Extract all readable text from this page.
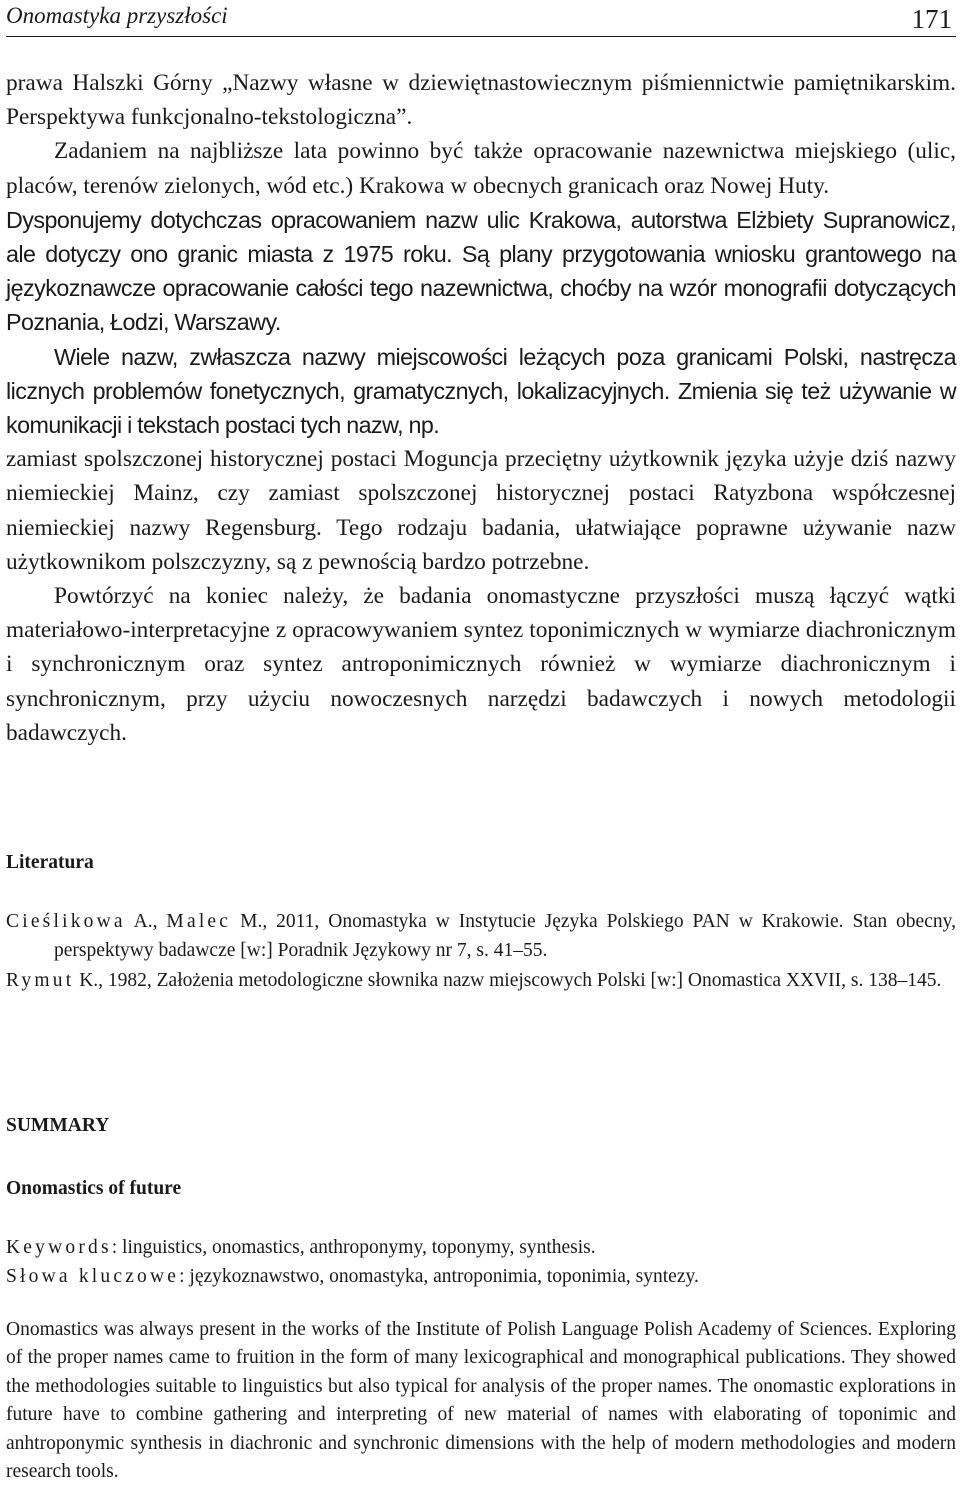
Onomastyka przyszłości	171

prawa Halszki Górny „Nazwy własne w dziewiętnastowiecznym piśmiennictwie pamiętnikarskim. Perspektywa funkcjonalno-tekstologiczna”.

Zadaniem na najbliższe lata powinno być także opracowanie nazewnictwa miejskiego (ulic, placów, terenów zielonych, wód etc.) Krakowa w obecnych granicach oraz Nowej Huty.

Dysponujemy dotychczas opracowaniem nazw ulic Krakowa, autorstwa Elżbiety Supranowicz, ale dotyczy ono granic miasta z 1975 roku. Są plany przygotowania wniosku grantowego na językoznawcze opracowanie całości tego nazewnictwa, choćby na wzór monografii dotyczących Poznania, Łodzi, Warszawy.

Wiele nazw, zwłaszcza nazwy miejscowości leżących poza granicami Polski, nastręcza licznych problemów fonetycznych, gramatycznych, lokalizacyjnych. Zmienia się też używanie w komunikacji i tekstach postaci tych nazw, np.

zamiast spolszczonej historycznej postaci Moguncja przeciętny użytkownik języka użyje dziś nazwy niemieckiej Mainz, czy zamiast spolszczonej historycznej postaci Ratyzbona współczesnej niemieckiej nazwy Regensburg. Tego rodzaju badania, ułatwiające poprawne używanie nazw użytkownikom polszczyzny, są z pewnością bardzo potrzebne.

Powtórzyć na koniec należy, że badania onomastyczne przyszłości muszą łączyć wątki materiałowo-interpretacyjne z opracowywaniem syntez toponimicznych w wymiarze diachronicznym i synchronicznym oraz syntez antroponimicznych również w wymiarze diachronicznym i synchronicznym, przy użyciu nowoczesnych narzędzi badawczych i nowych metodologii badawczych.

Literatura

Cieślikowa A., Malec M., 2011, Onomastyka w Instytucie Języka Polskiego PAN w Krakowie. Stan obecny, perspektywy badawcze [w:] Poradnik Językowy nr 7, s. 41–55.

Rymut K., 1982, Założenia metodologiczne słownika nazw miejscowych Polski [w:] Onomastica XXVII, s. 138–145.

SUMMARY
Onomastics of future

Keywords: linguistics, onomastics, anthroponymy, toponymy, synthesis.

Słowa kluczowe: językoznawstwo, onomastyka, antroponimia, toponimia, syntezy.

Onomastics was always present in the works of the Institute of Polish Language Polish Academy of Sciences. Exploring of the proper names came to fruition in the form of many lexicographical and monographical publications. They showed the methodologies suitable to linguistics but also typical for analysis of the proper names. The onomastic explorations in future have to combine gathering and interpreting of new material of names with elaborating of toponimic and anhtroponymic synthesis in diachronic and synchronic dimensions with the help of modern methodologies and modern research tools.
